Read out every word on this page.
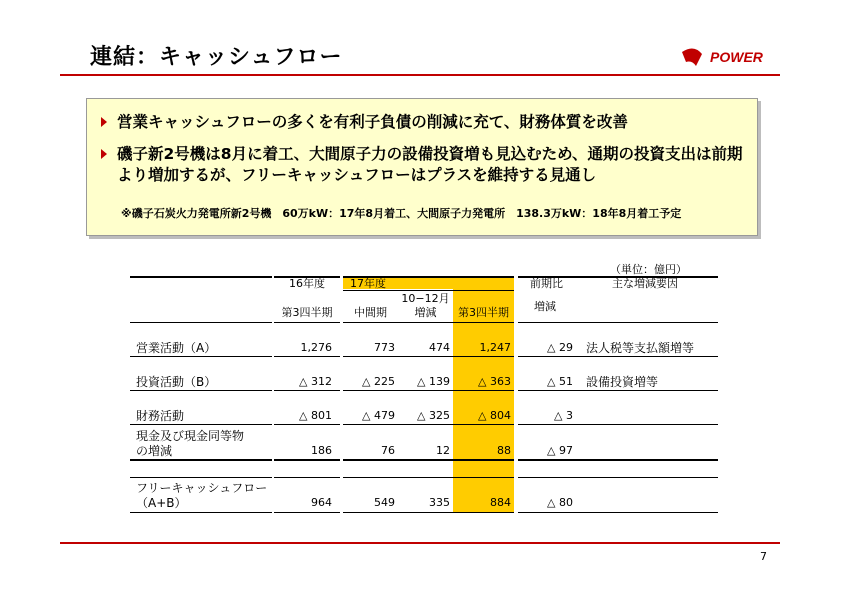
連結：キャッシュフロー	POWER
営業キャッシュフローの多くを有利子負債の削減に充て、財務体質を改善
磯子新2号機は8月に着工、大間原子力の設備投資増も見込むため、通期の投資支出は前期より増加するが、フリーキャッシュフローはプラスを維持する見通し
※磯子石炭火力発電所新2号機　60万kW：17年8月着工、大間原子力発電所　138.3万kW：18年8月着工予定
（単位：億円）
16年度	17年度	前期比	主な増減要因
10−12月
増減
第3四半期	中間期	増減	第3四半期
営業活動（A）	1,276	773	474	1,247	△ 29 法人税等支払額増等
投資活動（B）	△ 312	△ 225	△ 139	△ 363	△ 51 設備投資増等
財務活動	△ 801	△ 479	△ 325	△ 804	△ 3
現金及び現金同等物
の増減	186	76	12	88	△ 97
フリーキャッシュフロー
（A+B）	964	549	335	884	△ 80
7
